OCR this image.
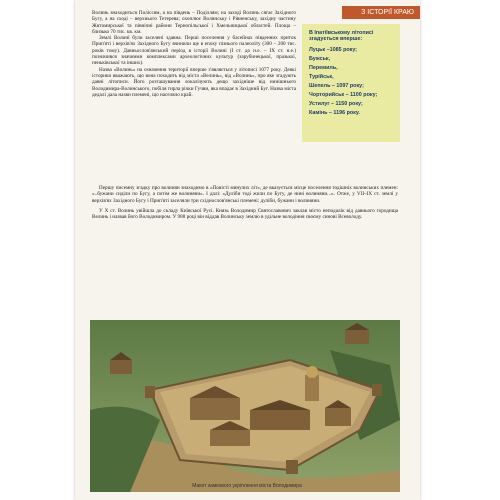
З ІСТОРІЇ КРАЮ

Волинь знаходиться Поліссям, а на південь – Поділлям; на заході Волинь сягає Західного Бугу, а на сході – верхнього Тетерева; охоплює Волинську і Рівненську, західну частину Житомирської та північні райони Тернопільської і Хмельницької областей. Площа – близько 70 тис. кв. км.

Землі Волині були заселені здавна. Перші поселення у басейнах південних приток Прип'яті і верхів'ях Західного Бугу вчинили ще в епоху пізнього палеоліту (300 – 200 тис. років тому). Давньослов'янський період в історії Волині (І ст. до н.е. – IX ст. н.е.) позначився значними комплексами археологічних культур (зарубинецької, празької, пеньківської та інших).

Назва «Волинь» на означення території вперше з'являється у літописі 1077 року. Деякі історики вважають, що вона походить від міста «Велинь», від «Волинь», про яке згадують давні літописи. Його розташування локалізують дещо західніше від нинішнього Володимира-Волинського, побіля гирла річки Гучви, яка впадає в Західний Буг. Назва міста дедалі дала назви племені, що населяло край.

В Іпатіївському літописі згадується вперше:
Луцьк –1085 року;
Бужськ,
Перемиль,
Турійськ,
Шепель – 1097 року;
Чорторийськ – 1100 року;
Устилуг – 1150 року;
Камінь – 1196 року.

Першу писемну згадку про волинян знаходимо в «Повісті минулих літ», де вказується місце поселення тодішніх волинських племен: «..бужани сиділи по Бугу, а потім же волиняни». І далі: «Дуліби тоді жили по Бугу, де нині волиняни...». Отже, у VII–IX ст. землі у верхів'ях Західного Бугу і Прип'яті заселяли три східнослов'янські племені: дуліби, бужани і волиняни.

У X ст. Волинь увійшла до складу Київської Русі. Князь Володимир Святославович заклав місто неподалік від давнього городища Велинь і назвав його Володимиром. У 988 році він віддав Волинську землю в удільне володіння своєму синові Всеволоду.

Макет замкового укріплення міста Володимира
